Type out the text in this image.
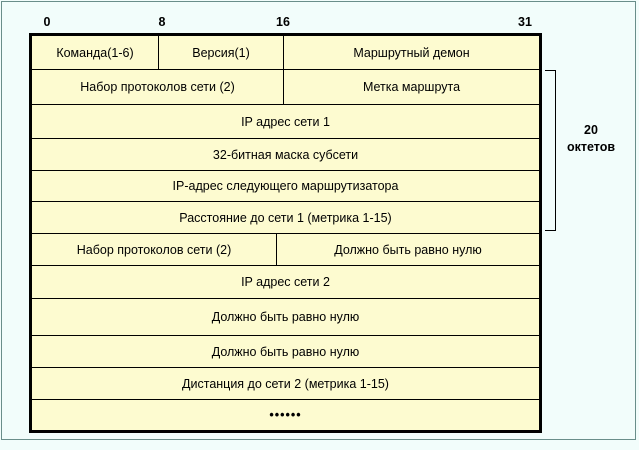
0	8	16	31
Команда(1-6)	Версия(1)	Маршрутный демон
Набор протоколов сети (2)	Метка маршрута
IP адрес сети 1
32-битная маска субсети
IP-адрес следующего маршрутизатора
Расстояние до сети 1 (метрика 1-15)
Набор протоколов сети (2)	Должно быть равно нулю
IP адрес сети 2
Должно быть равно нулю
Должно быть равно нулю
Дистанция до сети 2 (метрика 1-15)
••••••
20
октетов
